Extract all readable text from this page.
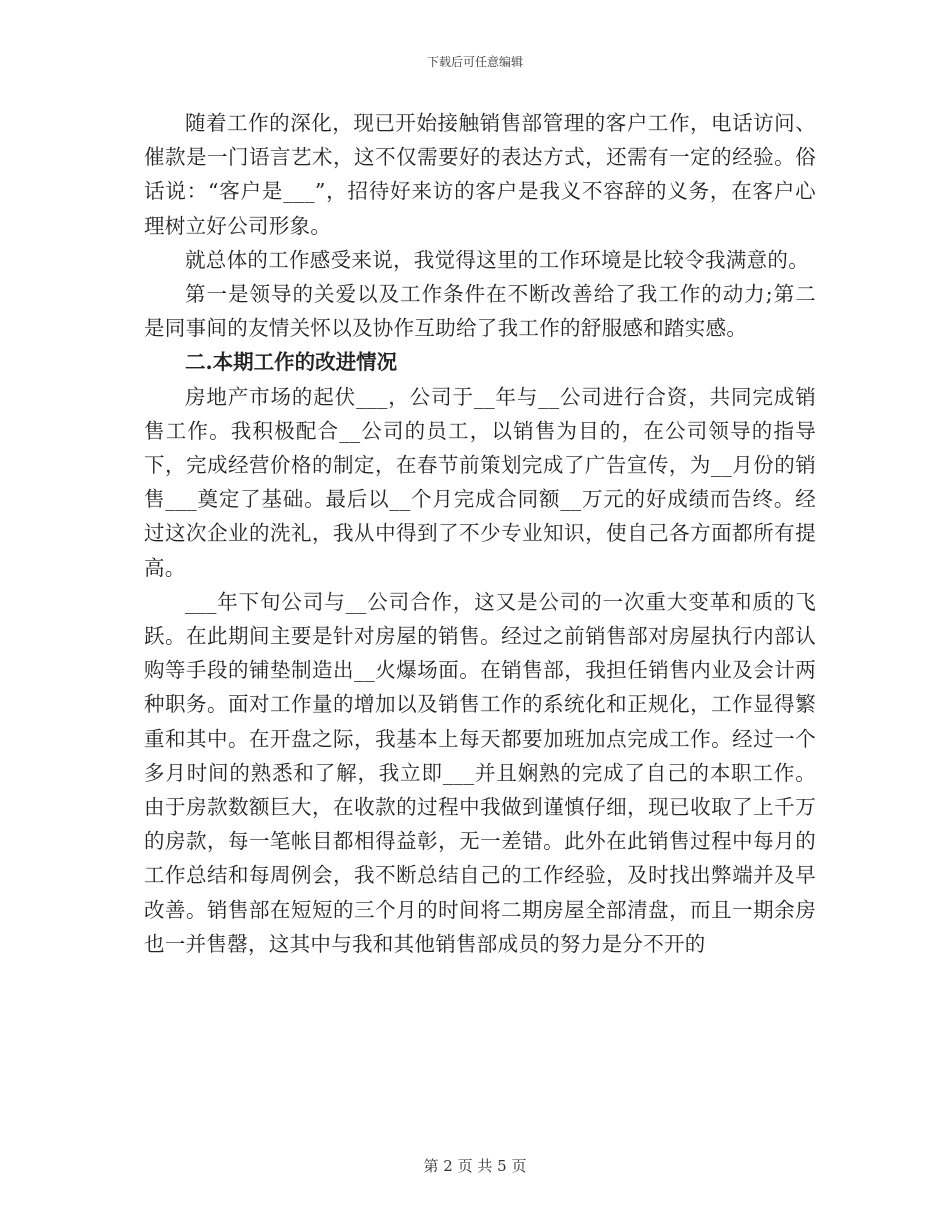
下载后可任意编辑

随着工作的深化，现已开始接触销售部管理的客户工作，电话访问、催款是一门语言艺术，这不仅需要好的表达方式，还需有一定的经验。俗话说：“客户是___”，招待好来访的客户是我义不容辞的义务，在客户心理树立好公司形象。

就总体的工作感受来说，我觉得这里的工作环境是比较令我满意的。

第一是领导的关爱以及工作条件在不断改善给了我工作的动力;第二是同事间的友情关怀以及协作互助给了我工作的舒服感和踏实感。

二.本期工作的改进情况

房地产市场的起伏___，公司于__年与__公司进行合资，共同完成销售工作。我积极配合__公司的员工，以销售为目的，在公司领导的指导下，完成经营价格的制定，在春节前策划完成了广告宣传，为__月份的销售___奠定了基础。最后以__个月完成合同额__万元的好成绩而告终。经过这次企业的洗礼，我从中得到了不少专业知识，使自己各方面都所有提高。

___年下旬公司与__公司合作，这又是公司的一次重大变革和质的飞跃。在此期间主要是针对房屋的销售。经过之前销售部对房屋执行内部认购等手段的铺垫制造出__火爆场面。在销售部，我担任销售内业及会计两种职务。面对工作量的增加以及销售工作的系统化和正规化，工作显得繁重和其中。在开盘之际，我基本上每天都要加班加点完成工作。经过一个多月时间的熟悉和了解，我立即___并且娴熟的完成了自己的本职工作。由于房款数额巨大，在收款的过程中我做到谨慎仔细，现已收取了上千万的房款，每一笔帐目都相得益彰，无一差错。此外在此销售过程中每月的工作总结和每周例会，我不断总结自己的工作经验，及时找出弊端并及早改善。销售部在短短的三个月的时间将二期房屋全部清盘，而且一期余房也一并售罄，这其中与我和其他销售部成员的努力是分不开的

第 2 页 共 5 页
